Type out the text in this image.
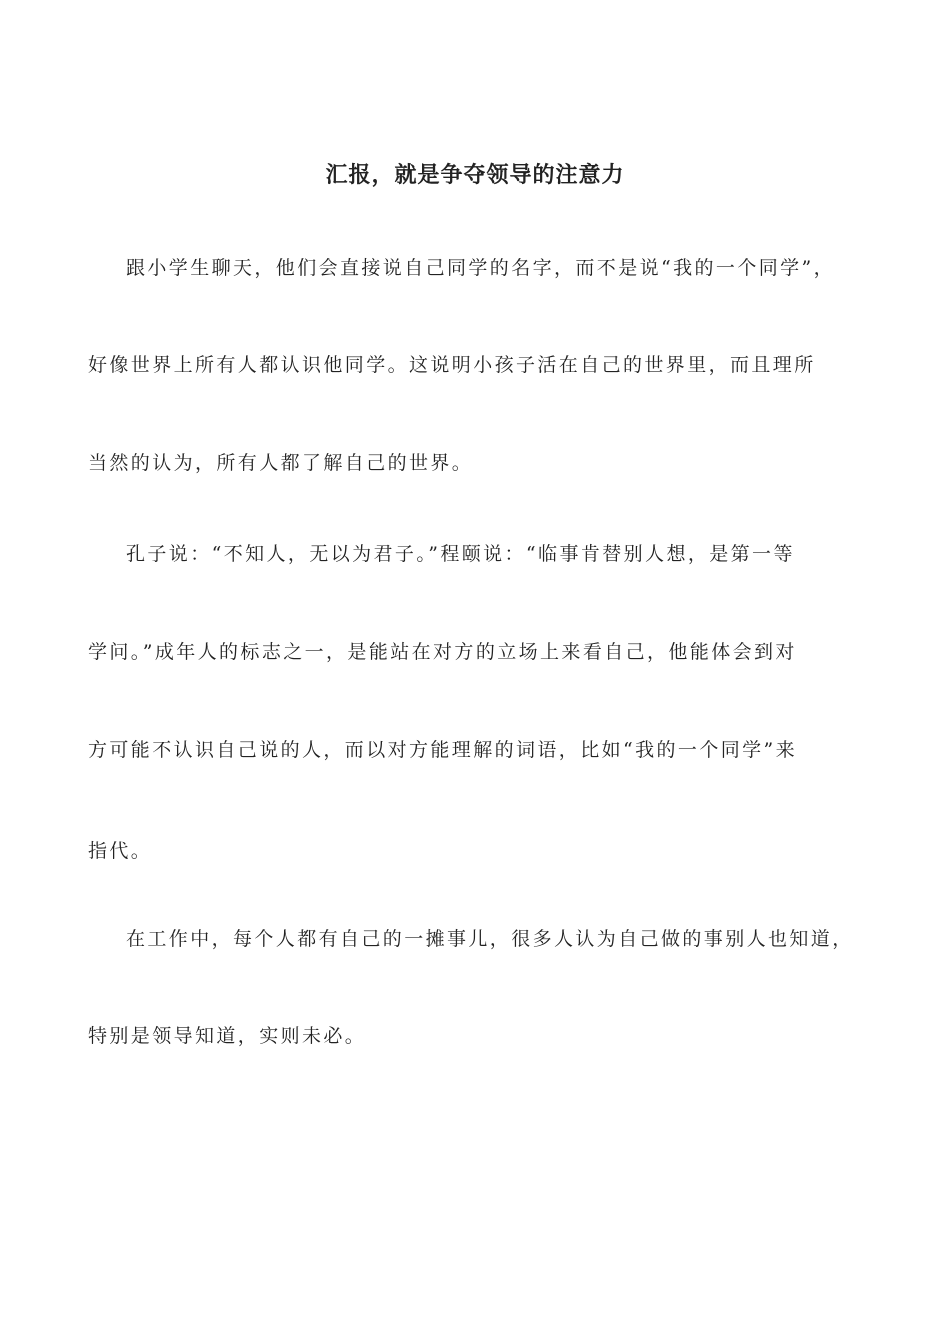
汇报，就是争夺领导的注意力

跟小学生聊天，他们会直接说自己同学的名字，而不是说“我的一个同学”，

好像世界上所有人都认识他同学。这说明小孩子活在自己的世界里，而且理所

当然的认为，所有人都了解自己的世界。

孔子说：“不知人，无以为君子。”程颐说：“临事肯替别人想，是第一等

学问。”成年人的标志之一，是能站在对方的立场上来看自己，他能体会到对

方可能不认识自己说的人，而以对方能理解的词语，比如“我的一个同学”来

指代。

在工作中，每个人都有自己的一摊事儿，很多人认为自己做的事别人也知道，

特别是领导知道，实则未必。
